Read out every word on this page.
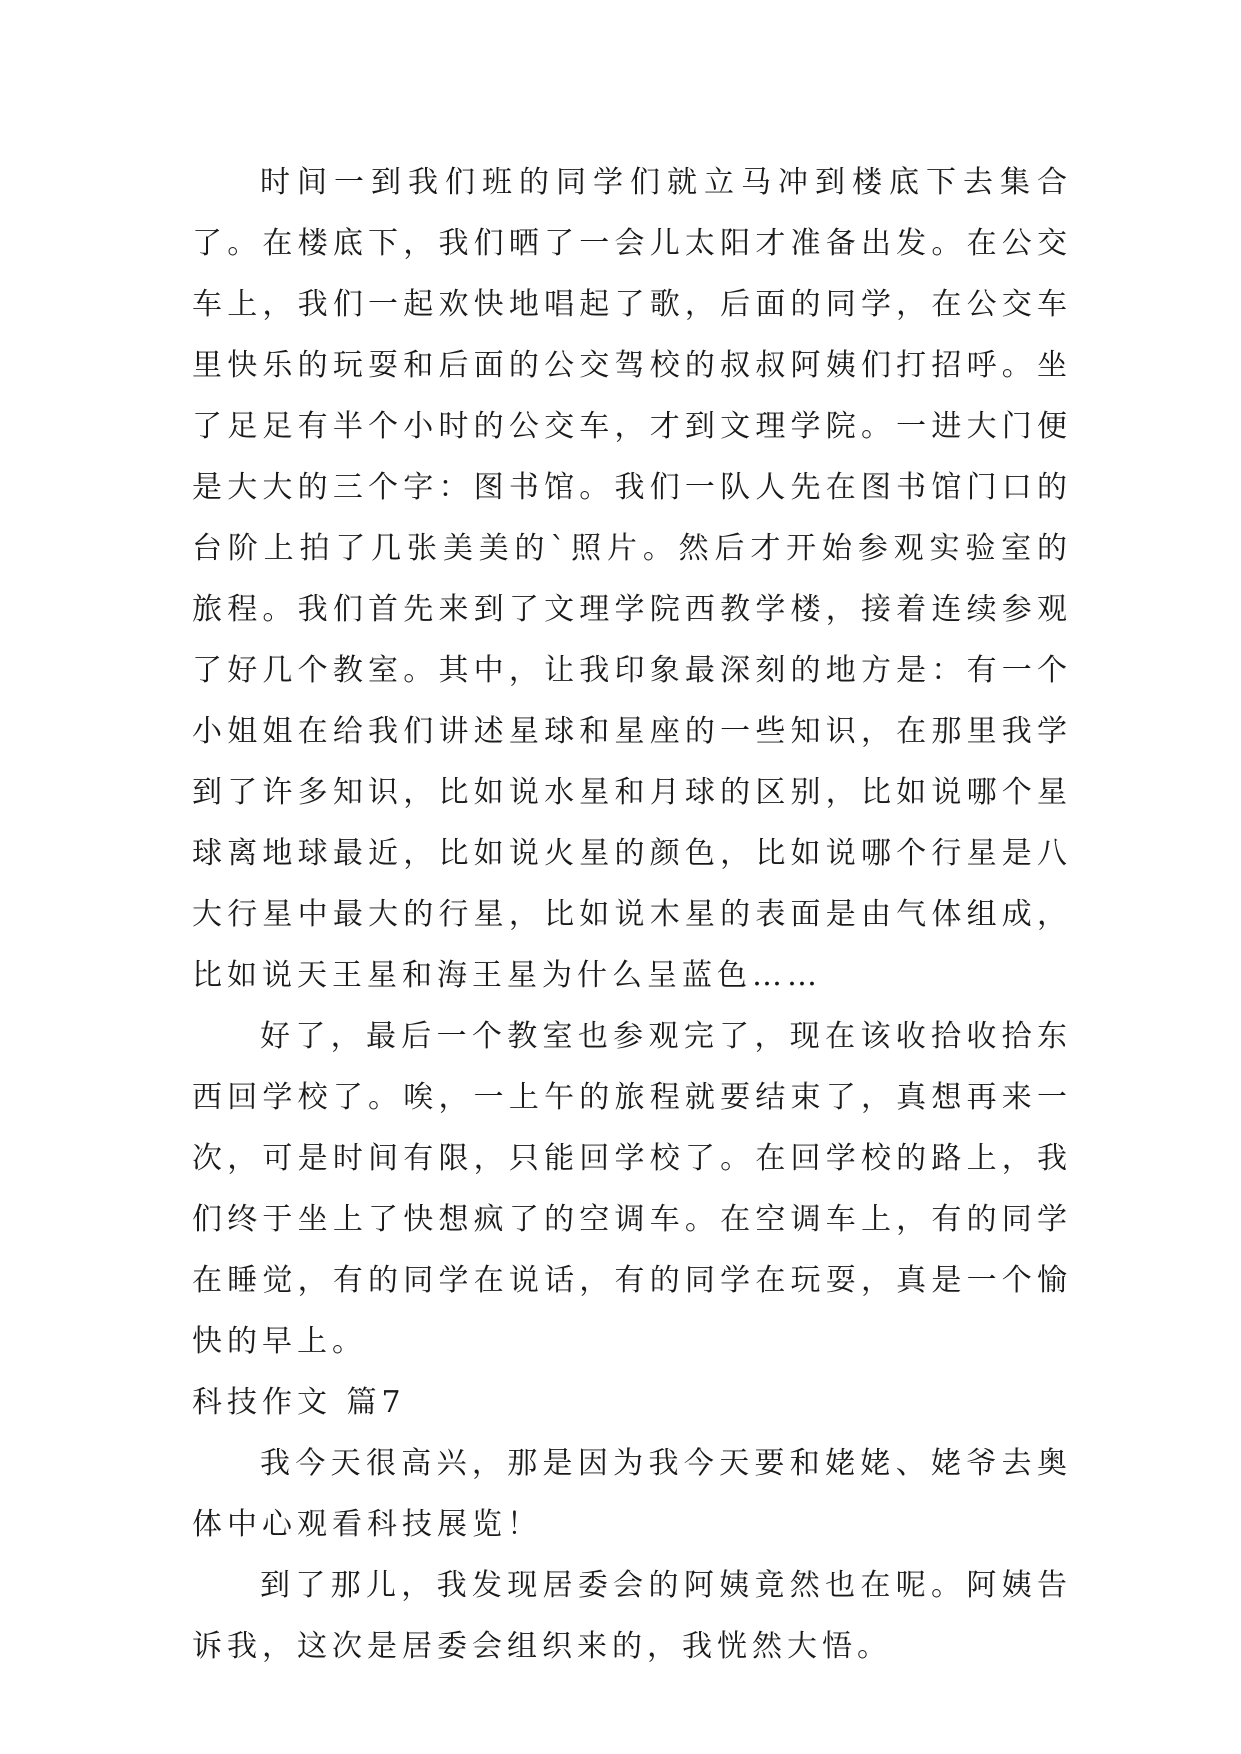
时间一到我们班的同学们就立马冲到楼底下去集合了。在楼底下，我们晒了一会儿太阳才准备出发。在公交车上，我们一起欢快地唱起了歌，后面的同学，在公交车里快乐的玩耍和后面的公交驾校的叔叔阿姨们打招呼。坐了足足有半个小时的公交车，才到文理学院。一进大门便是大大的三个字：图书馆。我们一队人先在图书馆门口的台阶上拍了几张美美的`照片。然后才开始参观实验室的旅程。我们首先来到了文理学院西教学楼，接着连续参观了好几个教室。其中，让我印象最深刻的地方是：有一个小姐姐在给我们讲述星球和星座的一些知识，在那里我学到了许多知识，比如说水星和月球的区别，比如说哪个星球离地球最近，比如说火星的颜色，比如说哪个行星是八大行星中最大的行星，比如说木星的表面是由气体组成，比如说天王星和海王星为什么呈蓝色……

好了，最后一个教室也参观完了，现在该收拾收拾东西回学校了。唉，一上午的旅程就要结束了，真想再来一次，可是时间有限，只能回学校了。在回学校的路上，我们终于坐上了快想疯了的空调车。在空调车上，有的同学在睡觉，有的同学在说话，有的同学在玩耍，真是一个愉快的早上。

科技作文 篇7

我今天很高兴，那是因为我今天要和姥姥、姥爷去奥体中心观看科技展览！

到了那儿，我发现居委会的阿姨竟然也在呢。阿姨告诉我，这次是居委会组织来的，我恍然大悟。
